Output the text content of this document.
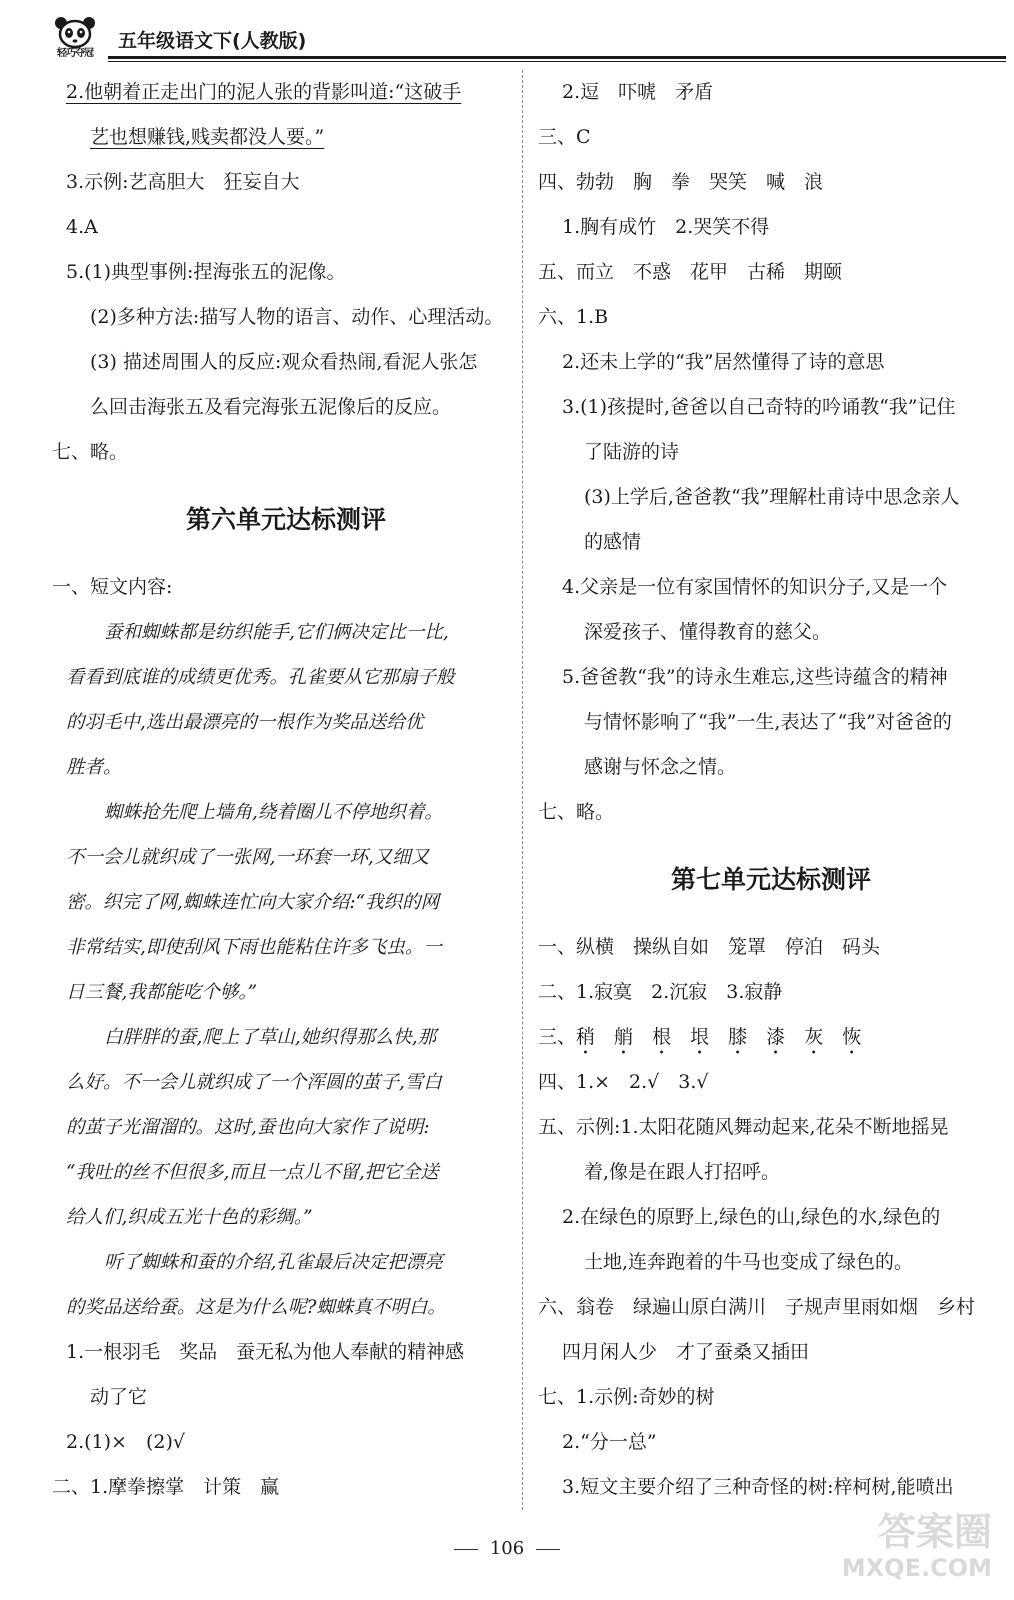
轻巧夺冠
五年级语文下(人教版)
2.他朝着正走出门的泥人张的背影叫道:“这破手
艺也想赚钱,贱卖都没人要。”
3.示例:艺高胆大　狂妄自大
4.A
5.(1)典型事例:捏海张五的泥像。
(2)多种方法:描写人物的语言、动作、心理活动。
(3) 描述周围人的反应:观众看热闹,看泥人张怎
么回击海张五及看完海张五泥像后的反应。
七、略。
第六单元达标测评
一、短文内容:
蚕和蜘蛛都是纺织能手,它们俩决定比一比,
看看到底谁的成绩更优秀。孔雀要从它那扇子般
的羽毛中,选出最漂亮的一根作为奖品送给优
胜者。
蜘蛛抢先爬上墙角,绕着圈儿不停地织着。
不一会儿就织成了一张网,一环套一环,又细又
密。织完了网,蜘蛛连忙向大家介绍:“我织的网
非常结实,即使刮风下雨也能粘住许多飞虫。一
日三餐,我都能吃个够。”
白胖胖的蚕,爬上了草山,她织得那么快,那
么好。不一会儿就织成了一个浑圆的茧子,雪白
的茧子光溜溜的。这时,蚕也向大家作了说明:
“我吐的丝不但很多,而且一点儿不留,把它全送
给人们,织成五光十色的彩绸。”
听了蜘蛛和蚕的介绍,孔雀最后决定把漂亮
的奖品送给蚕。这是为什么呢?蜘蛛真不明白。
1.一根羽毛　奖品　蚕无私为他人奉献的精神感
动了它
2.(1)×　(2)√
二、1.摩拳擦掌　计策　赢
2.逗　吓唬　矛盾
三、C
四、勃勃　胸　拳　哭笑　喊　浪
1.胸有成竹　2.哭笑不得
五、而立　不惑　花甲　古稀　期颐
六、1.B
2.还未上学的“我”居然懂得了诗的意思
3.(1)孩提时,爸爸以自己奇特的吟诵教“我”记住
了陆游的诗
(3)上学后,爸爸教“我”理解杜甫诗中思念亲人
的感情
4.父亲是一位有家国情怀的知识分子,又是一个
深爱孩子、懂得教育的慈父。
5.爸爸教“我”的诗永生难忘,这些诗蕴含的精神
与情怀影响了“我”一生,表达了“我”对爸爸的
感谢与怀念之情。
七、略。
第七单元达标测评
一、纵横　操纵自如　笼罩　停泊　码头
二、1.寂寞　2.沉寂　3.寂静
三、稍　 艄　 根　 垠　 膝　 漆　 灰　 恢
四、1.×　2.√　3.√
五、示例:1.太阳花随风舞动起来,花朵不断地摇晃
着,像是在跟人打招呼。
2.在绿色的原野上,绿色的山,绿色的水,绿色的
土地,连奔跑着的牛马也变成了绿色的。
六、翁卷　绿遍山原白满川　子规声里雨如烟　乡村
四月闲人少　才了蚕桑又插田
七、1.示例:奇妙的树
2.“分一总”
3.短文主要介绍了三种奇怪的树:梓柯树,能喷出
106	答案圈
MXQE.COM
